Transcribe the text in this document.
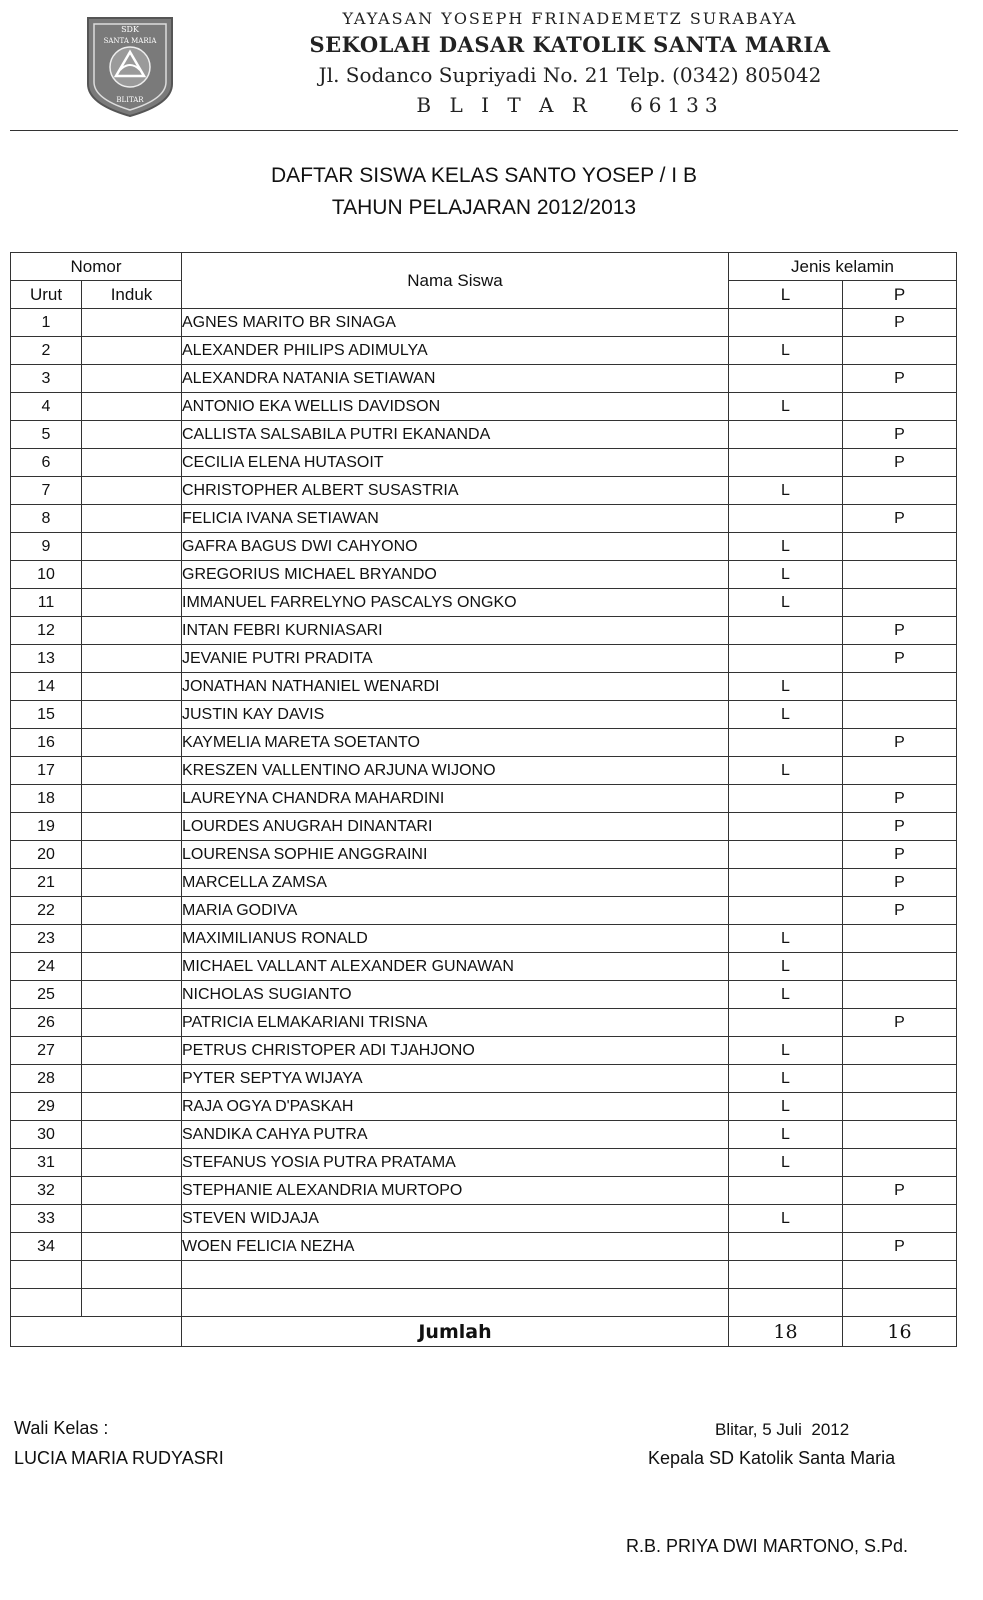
SDK
SANTA MARIA
BLITAR
YAYASAN YOSEPH FRINADEMETZ SURABAYA
SEKOLAH DASAR KATOLIK SANTA MARIA
Jl. Sodanco Supriyadi No. 21 Telp. (0342) 805042
B L I T A R   66133
DAFTAR SISWA KELAS SANTO YOSEP / I B
TAHUN PELAJARAN 2012/2013
Nomor		Nama Siswa	Jenis kelamin	
Urut	Induk		L	P
1		AGNES MARITO BR SINAGA		P
2		ALEXANDER PHILIPS ADIMULYA	L	
3		ALEXANDRA NATANIA SETIAWAN		P
4		ANTONIO EKA WELLIS DAVIDSON	L	
5		CALLISTA SALSABILA PUTRI EKANANDA		P
6		CECILIA ELENA HUTASOIT		P
7		CHRISTOPHER ALBERT SUSASTRIA	L	
8		FELICIA IVANA SETIAWAN		P
9		GAFRA BAGUS DWI CAHYONO	L	
10		GREGORIUS MICHAEL BRYANDO	L	
11		IMMANUEL FARRELYNO PASCALYS ONGKO	L	
12		INTAN FEBRI KURNIASARI		P
13		JEVANIE PUTRI PRADITA		P
14		JONATHAN NATHANIEL WENARDI	L	
15		JUSTIN KAY DAVIS	L	
16		KAYMELIA MARETA SOETANTO		P
17		KRESZEN VALLENTINO ARJUNA WIJONO	L	
18		LAUREYNA CHANDRA MAHARDINI		P
19		LOURDES ANUGRAH DINANTARI		P
20		LOURENSA SOPHIE ANGGRAINI		P
21		MARCELLA ZAMSA		P
22		MARIA GODIVA		P
23		MAXIMILIANUS RONALD	L	
24		MICHAEL VALLANT ALEXANDER GUNAWAN	L	
25		NICHOLAS SUGIANTO	L	
26		PATRICIA ELMAKARIANI TRISNA		P
27		PETRUS CHRISTOPER ADI TJAHJONO	L	
28		PYTER SEPTYA WIJAYA	L	
29		RAJA OGYA D'PASKAH	L	
30		SANDIKA CAHYA PUTRA	L	
31		STEFANUS YOSIA PUTRA PRATAMA	L	
32		STEPHANIE ALEXANDRIA MURTOPO		P
33		STEVEN WIDJAJA	L	
34		WOEN FELICIA NEZHA		P

		Jumlah	18	16
Wali Kelas :
LUCIA MARIA RUDYASRI
Blitar, 5 Juli  2012
Kepala SD Katolik Santa Maria
R.B. PRIYA DWI MARTONO, S.Pd.
